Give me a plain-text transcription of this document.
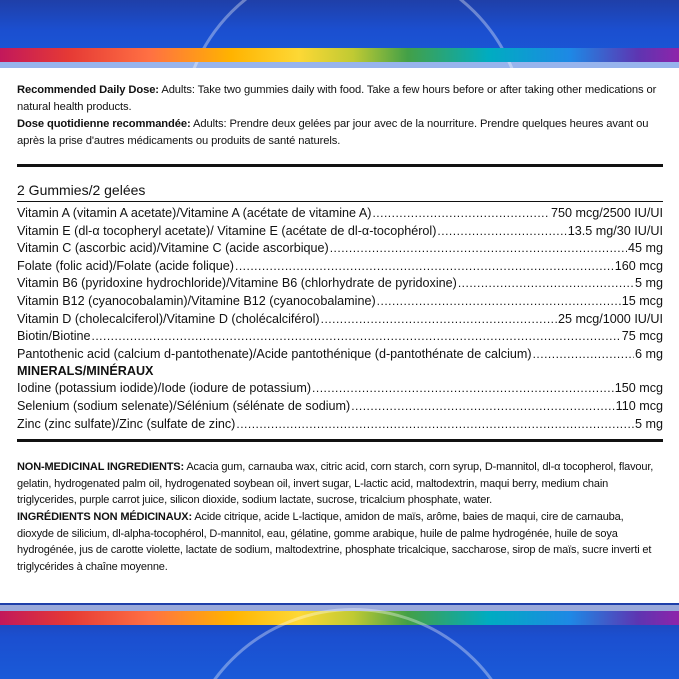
Recommended Daily Dose: Adults: Take two gummies daily with food. Take a few hours before or after taking other medications or natural health products.

Dose quotidienne recommandée: Adults: Prendre deux gelées par jour avec de la nourriture. Prendre quelques heures avant ou après la prise d'autres médicaments ou produits de santé naturels.

2 Gummies/2 gelées
Vitamin A (vitamin A acetate)/Vitamine A (acétate de vitamine A) .....	750 mcg/2500 IU/UI
Vitamin E (dl-α tocopheryl acetate)/ Vitamine E (acétate de dl-α-tocophérol) .....	13.5 mg/30 IU/UI
Vitamin C (ascorbic acid)/Vitamine C (acide ascorbique) .....	45 mg
Folate (folic acid)/Folate (acide folique) .....	160 mcg
Vitamin B6 (pyridoxine hydrochloride)/Vitamine B6 (chlorhydrate de pyridoxine) .....	5 mg
Vitamin B12 (cyanocobalamin)/Vitamine B12 (cyanocobalamine) .....	15 mcg
Vitamin D (cholecalciferol)/Vitamine D (cholécalciférol) .....	25 mcg/1000 IU/UI
Biotin/Biotine .....	75 mcg
Pantothenic acid (calcium d-pantothenate)/Acide pantothénique (d-pantothénate de calcium) .....	6 mg
MINERALS/MINÉRAUX
Iodine (potassium iodide)/Iode (iodure de potassium) .....	150 mcg
Selenium (sodium selenate)/Sélénium (sélénate de sodium) .....	110 mcg
Zinc (zinc sulfate)/Zinc (sulfate de zinc) .....	5 mg

NON-MEDICINAL INGREDIENTS: Acacia gum, carnauba wax, citric acid, corn starch, corn syrup, D-mannitol, dl-α tocopherol, flavour, gelatin, hydrogenated palm oil, hydrogenated soybean oil, invert sugar, L-lactic acid, maltodextrin, maqui berry, medium chain triglycerides, purple carrot juice, silicon dioxide, sodium lactate, sucrose, tricalcium phosphate, water.

INGRÉDIENTS NON MÉDICINAUX: Acide citrique, acide L-lactique, amidon de maïs, arôme, baies de maqui, cire de carnauba, dioxyde de silicium, dl-alpha-tocophérol, D-mannitol, eau, gélatine, gomme arabique, huile de palme hydrogénée, huile de soya hydrogénée, jus de carotte violette, lactate de sodium, maltodextrine, phosphate tricalcique, saccharose, sirop de maïs, sucre inverti et triglycérides à chaîne moyenne.
